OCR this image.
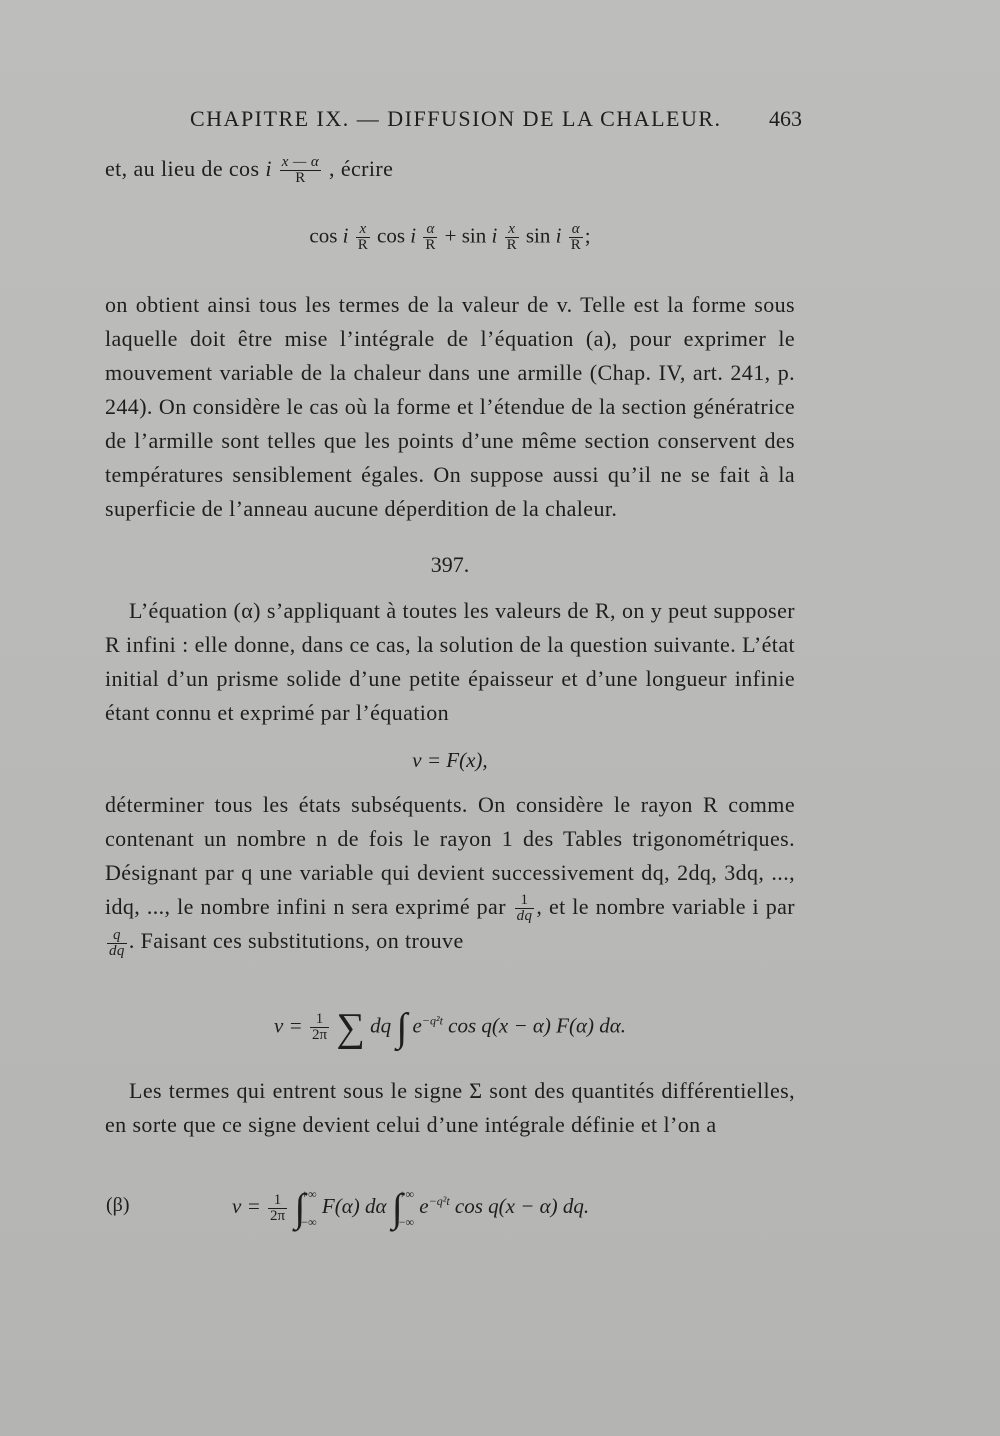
CHAPITRE IX. — DIFFUSION DE LA CHALEUR. 463
et, au lieu de cos i $\frac{x — \alpha}{R}$ , écrire
cos i $\frac{x}{R}$ cos i $\frac{\alpha}{R} + \sin i \frac{x}{R}$ sin i $\frac{\alpha}{R}$ ;

on obtient ainsi tous les termes de la valeur de v. Telle est la forme sous laquelle doit être mise l’intégrale de l’équation (a), pour exprimer le mouvement variable de la chaleur dans une armille (Chap. IV, art. 241, p. 244). On considère le cas où la forme et l’étendue de la section génératrice de l’armille sont telles que les points d’une même section conservent des températures sensiblement égales. On suppose aussi qu’il ne se fait à la superficie de l’anneau aucune déperdition de la chaleur.

397.

L’équation (α) s’appliquant à toutes les valeurs de R, on y peut supposer R infini : elle donne, dans ce cas, la solution de la question suivante. L’état initial d’un prisme solide d’une petite épaisseur et d’une longueur infinie étant connu et exprimé par l’équation

v = F(x),

déterminer tous les états subséquents. On considère le rayon R comme contenant un nombre n de fois le rayon 1 des Tables trigonométriques. Désignant par q une variable qui devient successivement dq, 2dq, 3dq, ..., idq, ..., le nombre infini n sera exprimé par $\frac{1}{dq}$ , et le nombre variable i par
$\frac{q}{dq}$ . Faisant ces substitutions, on trouve

$v = \frac{1}{2\pi}$ ∑ dq ∫ $e^{-q^2t}$ cos q(x − α) F(α) dα.

Les termes qui entrent sous le signe Σ sont des quantités différentielles, en sorte que ce signe devient celui d’une intégrale définie et l’on a

(β)	$v = \frac{1}{2\pi}$ ∫
+∞
−∞
F(α) dα ∫
+∞
−∞
$e^{-q^2t}$ cos q(x − α) dq.
